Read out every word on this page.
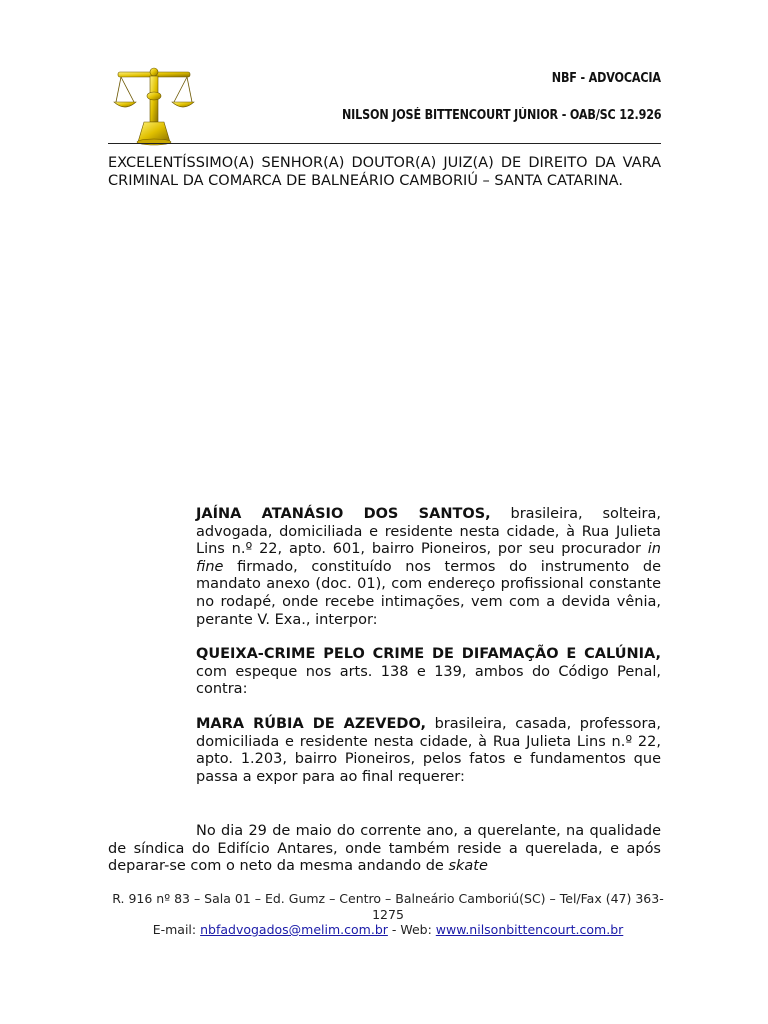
NBF - ADVOCACIA
NILSON JOSÉ BITTENCOURT JÚNIOR - OAB/SC 12.926
EXCELENTÍSSIMO(A) SENHOR(A) DOUTOR(A) JUIZ(A) DE DIREITO DA VARA CRIMINAL DA COMARCA DE BALNEÁRIO CAMBORIÚ – SANTA CATARINA.
JAÍNA ATANÁSIO DOS SANTOS, brasileira, solteira, advogada, domiciliada e residente nesta cidade, à Rua Julieta Lins n.º 22, apto. 601, bairro Pioneiros, por seu procurador in fine firmado, constituído nos termos do instrumento de mandato anexo (doc. 01), com endereço profissional constante no rodapé, onde recebe intimações, vem com a devida vênia, perante V. Exa., interpor:
QUEIXA-CRIME PELO CRIME DE DIFAMAÇÃO E CALÚNIA, com espeque nos arts. 138 e 139, ambos do Código Penal, contra:
MARA RÚBIA DE AZEVEDO, brasileira, casada, professora, domiciliada e residente nesta cidade, à Rua Julieta Lins n.º 22, apto. 1.203, bairro Pioneiros, pelos fatos e fundamentos que passa a expor para ao final requerer:
No dia 29 de maio do corrente ano, a querelante, na qualidade de síndica do Edifício Antares, onde também reside a querelada, e após deparar-se com o neto da mesma andando de skate
R. 916 nº 83 – Sala 01 – Ed. Gumz – Centro – Balneário Camboriú(SC) – Tel/Fax (47) 363-1275
E-mail: nbfadvogados@melim.com.br - Web: www.nilsonbittencourt.com.br
